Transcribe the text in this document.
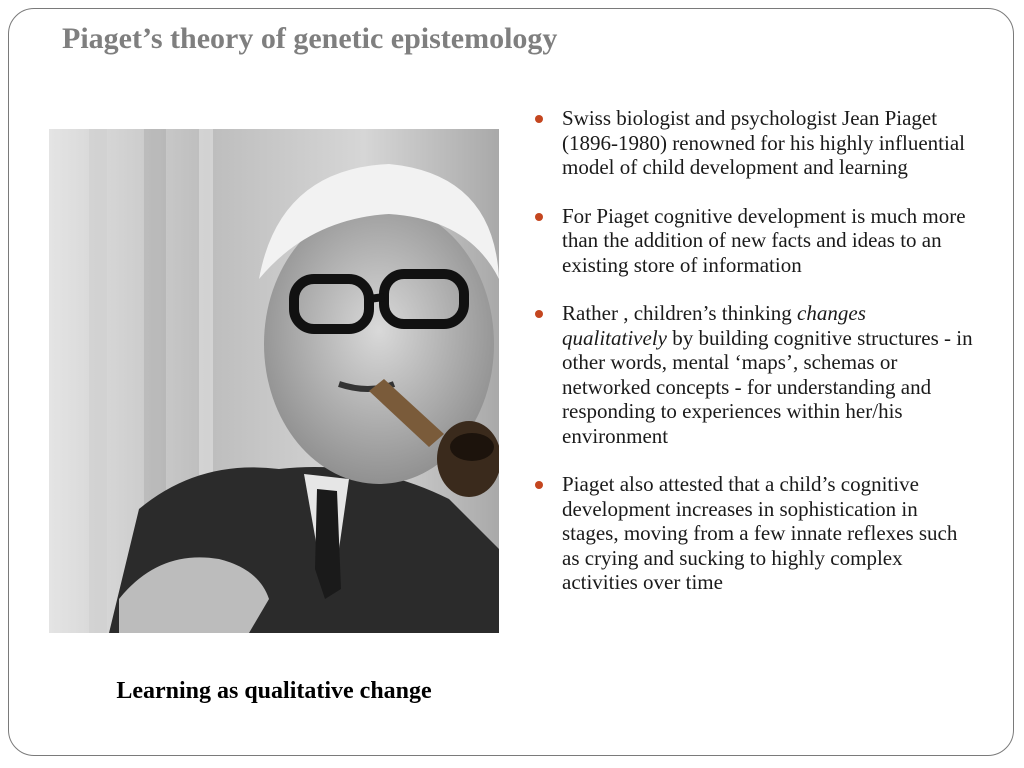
Piaget’s theory of genetic epistemology

Learning as qualitative change

Swiss biologist and psychologist Jean Piaget (1896-1980) renowned for his highly influential model of child development and learning
For Piaget cognitive development is much more than the addition of new facts and ideas to an existing store of information
Rather , children’s thinking changes qualitatively by building cognitive structures - in other words, mental ‘maps’, schemas or networked concepts - for understanding and responding to experiences within her/his environment
Piaget also attested that a child’s cognitive development increases in sophistication in stages, moving from a few innate reflexes such as crying and sucking to highly complex activities over time
